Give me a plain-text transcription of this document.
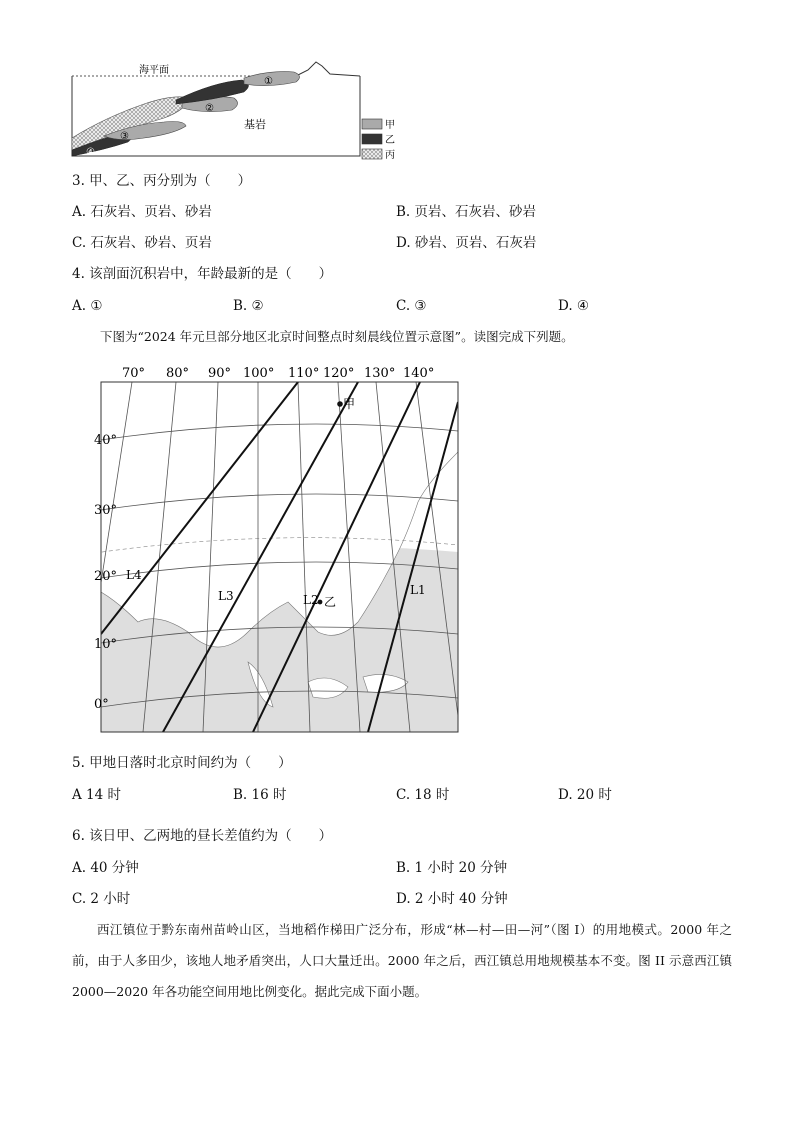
海平面
基岩
①
②
③
④
甲
乙
丙
3. 甲、乙、丙分别为（　　）
A. 石灰岩、页岩、砂岩	B. 页岩、石灰岩、砂岩
C. 石灰岩、砂岩、页岩	D. 砂岩、页岩、石灰岩
4. 该剖面沉积岩中，年龄最新的是（　　）
A. ①	B. ②	C. ③	D. ④
下图为“2024 年元旦部分地区北京时间整点时刻晨线位置示意图”。读图完成下列题。
70° 80° 90° 100° 110° 120° 130° 140°
40°
30°
20°
10°
0°
甲
乙
L4
L3	L2
L1
5. 甲地日落时北京时间约为（　　）
A 14 时	B. 16 时	C. 18 时	D. 20 时
6. 该日甲、乙两地的昼长差值约为（　　）
A. 40 分钟	B. 1 小时 20 分钟
C. 2 小时	D. 2 小时 40 分钟
西江镇位于黔东南州苗岭山区，当地稻作梯田广泛分布，形成“林—村—田—河”（图 I）的用地模式。2000 年之前，由于人多田少，该地人地矛盾突出，人口大量迁出。2000 年之后，西江镇总用地规模基本不变。图 II 示意西江镇 2000—2020 年各功能空间用地比例变化。据此完成下面小题。
